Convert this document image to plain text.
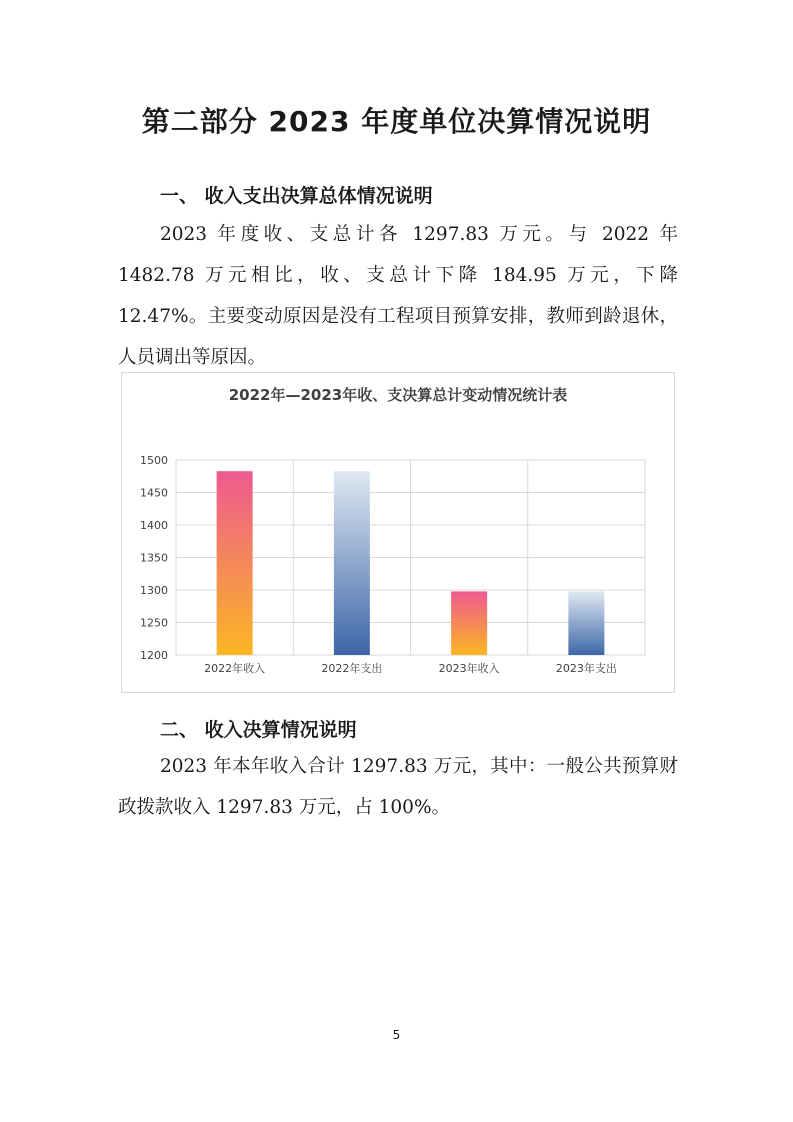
第二部分 2023 年度单位决算情况说明
一、 收入支出决算总体情况说明

2023 年度收、支总计各 1297.83 万元。与 2022 年 1482.78 万元相比，收、支总计下降 184.95 万元，下降 12.47%。主要变动原因是没有工程项目预算安排，教师到龄退休，人员调出等原因。

2022年—2023年收、支决算总计变动情况统计表
1500
1450
1400
1350
1300
1250
1200
2022年收入	2022年支出	2023年收入	2023年支出
二、 收入决算情况说明

2023 年本年收入合计 1297.83 万元，其中：一般公共预算财政拨款收入 1297.83 万元，占 100%。

5
